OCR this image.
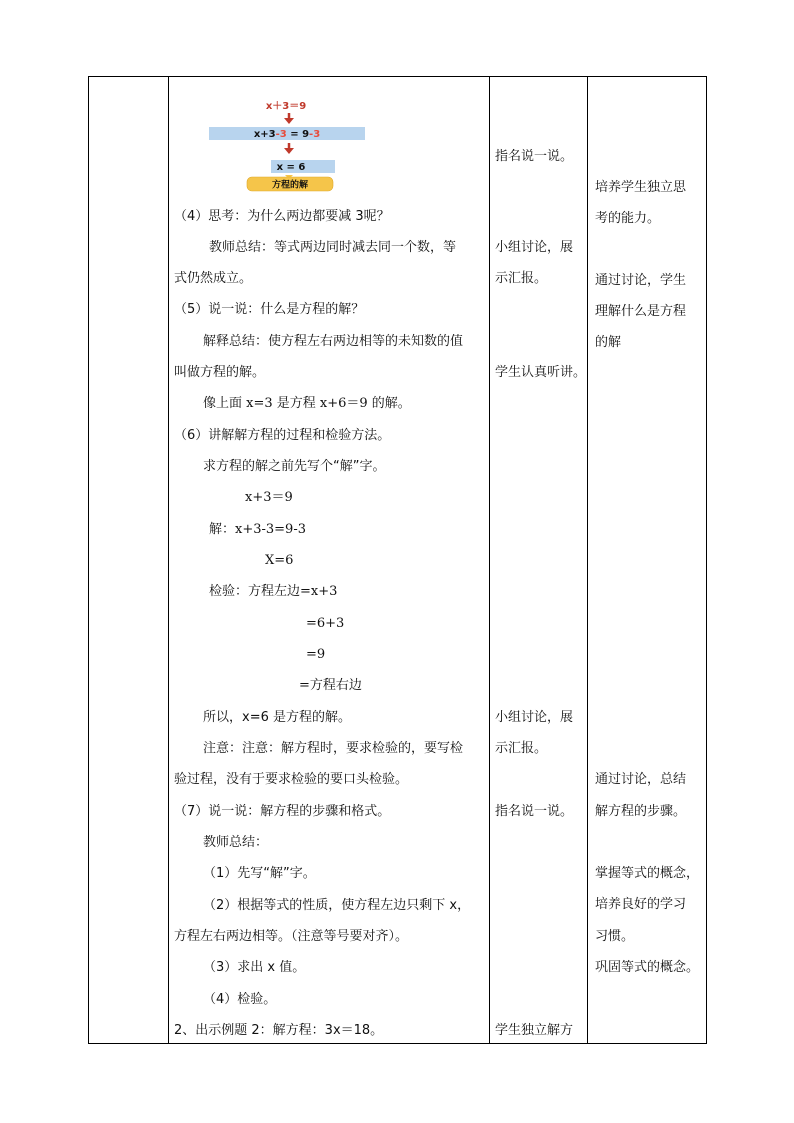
x＋3＝9
x+3-3 = 9-3
x = 6
方程的解
（4）思考：为什么两边都要减 3呢？
教师总结：等式两边同时减去同一个数，等
式仍然成立。
（5）说一说：什么是方程的解？
解释总结：使方程左右两边相等的未知数的值
叫做方程的解。
像上面 x=3 是方程 x+6＝9 的解。
（6）讲解解方程的过程和检验方法。
求方程的解之前先写个“解”字。
x+3＝9
解：x+3-3=9-3
X=6
检验：方程左边=x+3
=6+3
=9
=方程右边
所以，x=6 是方程的解。
注意：注意：解方程时，要求检验的，要写检
验过程，没有于要求检验的要口头检验。
（7）说一说：解方程的步骤和格式。
教师总结：
（1）先写“解”字。
（2）根据等式的性质，使方程左边只剩下 x，
方程左右两边相等。（注意等号要对齐）。
（3）求出 x 值。
（4）检验。
2、出示例题 2：解方程：3x＝18。
指名说一说。
小组讨论，展
示汇报。
学生认真听讲。
小组讨论，展
示汇报。
指名说一说。
学生独立解方
培养学生独立思
考的能力。
通过讨论，学生
理解什么是方程
的解
通过讨论，总结
解方程的步骤。
掌握等式的概念，
培养良好的学习
习惯。
巩固等式的概念。
